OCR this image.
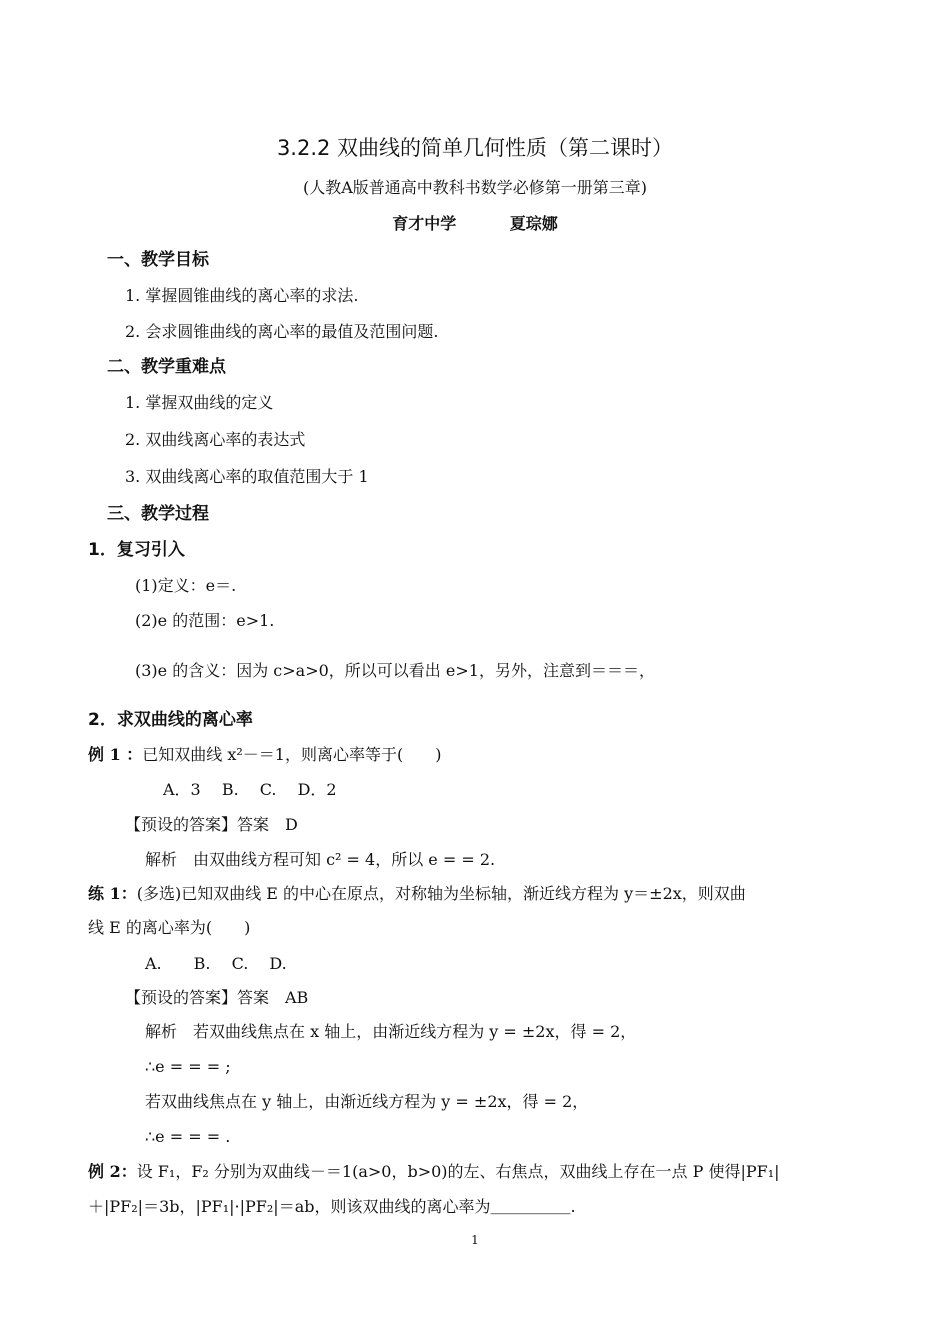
3.2.2 双曲线的简单几何性质（第二课时）
(人教A版普通高中教科书数学必修第一册第三章)
育才中学	夏琮娜
一、教学目标
1. 掌握圆锥曲线的离心率的求法.
2. 会求圆锥曲线的离心率的最值及范围问题.
二、教学重难点
1. 掌握双曲线的定义
2. 双曲线离心率的表达式
3. 双曲线离心率的取值范围大于 1
三、教学过程
1．复习引入
(1)定义：e＝.
(2)e 的范围：e>1.
(3)e 的含义：因为 c>a>0，所以可以看出 e>1，另外，注意到＝＝＝，
2．求双曲线的离心率
例 1 ：已知双曲线 x²－＝1，则离心率等于(　　)
A．3　 B.　 C.　 D．2
【预设的答案】答案　D
解析　由双曲线方程可知 c² = 4，所以 e = = 2.
练 1：(多选)已知双曲线 E 的中心在原点，对称轴为坐标轴，渐近线方程为 y＝±2x，则双曲
线 E 的离心率为(　　)
A.　　B.　 C.　 D.
【预设的答案】答案　AB
解析　若双曲线焦点在 x 轴上，由渐近线方程为 y = ±2x，得 = 2，
∴e = = = ;
若双曲线焦点在 y 轴上，由渐近线方程为 y = ±2x，得 = 2，
∴e = = = .
例 2：设 F₁，F₂ 分别为双曲线－＝1(a>0，b>0)的左、右焦点，双曲线上存在一点 P 使得|PF₁|
＋|PF₂|＝3b，|PF₁|·|PF₂|＝ab，则该双曲线的离心率为＿＿＿＿＿.
1
